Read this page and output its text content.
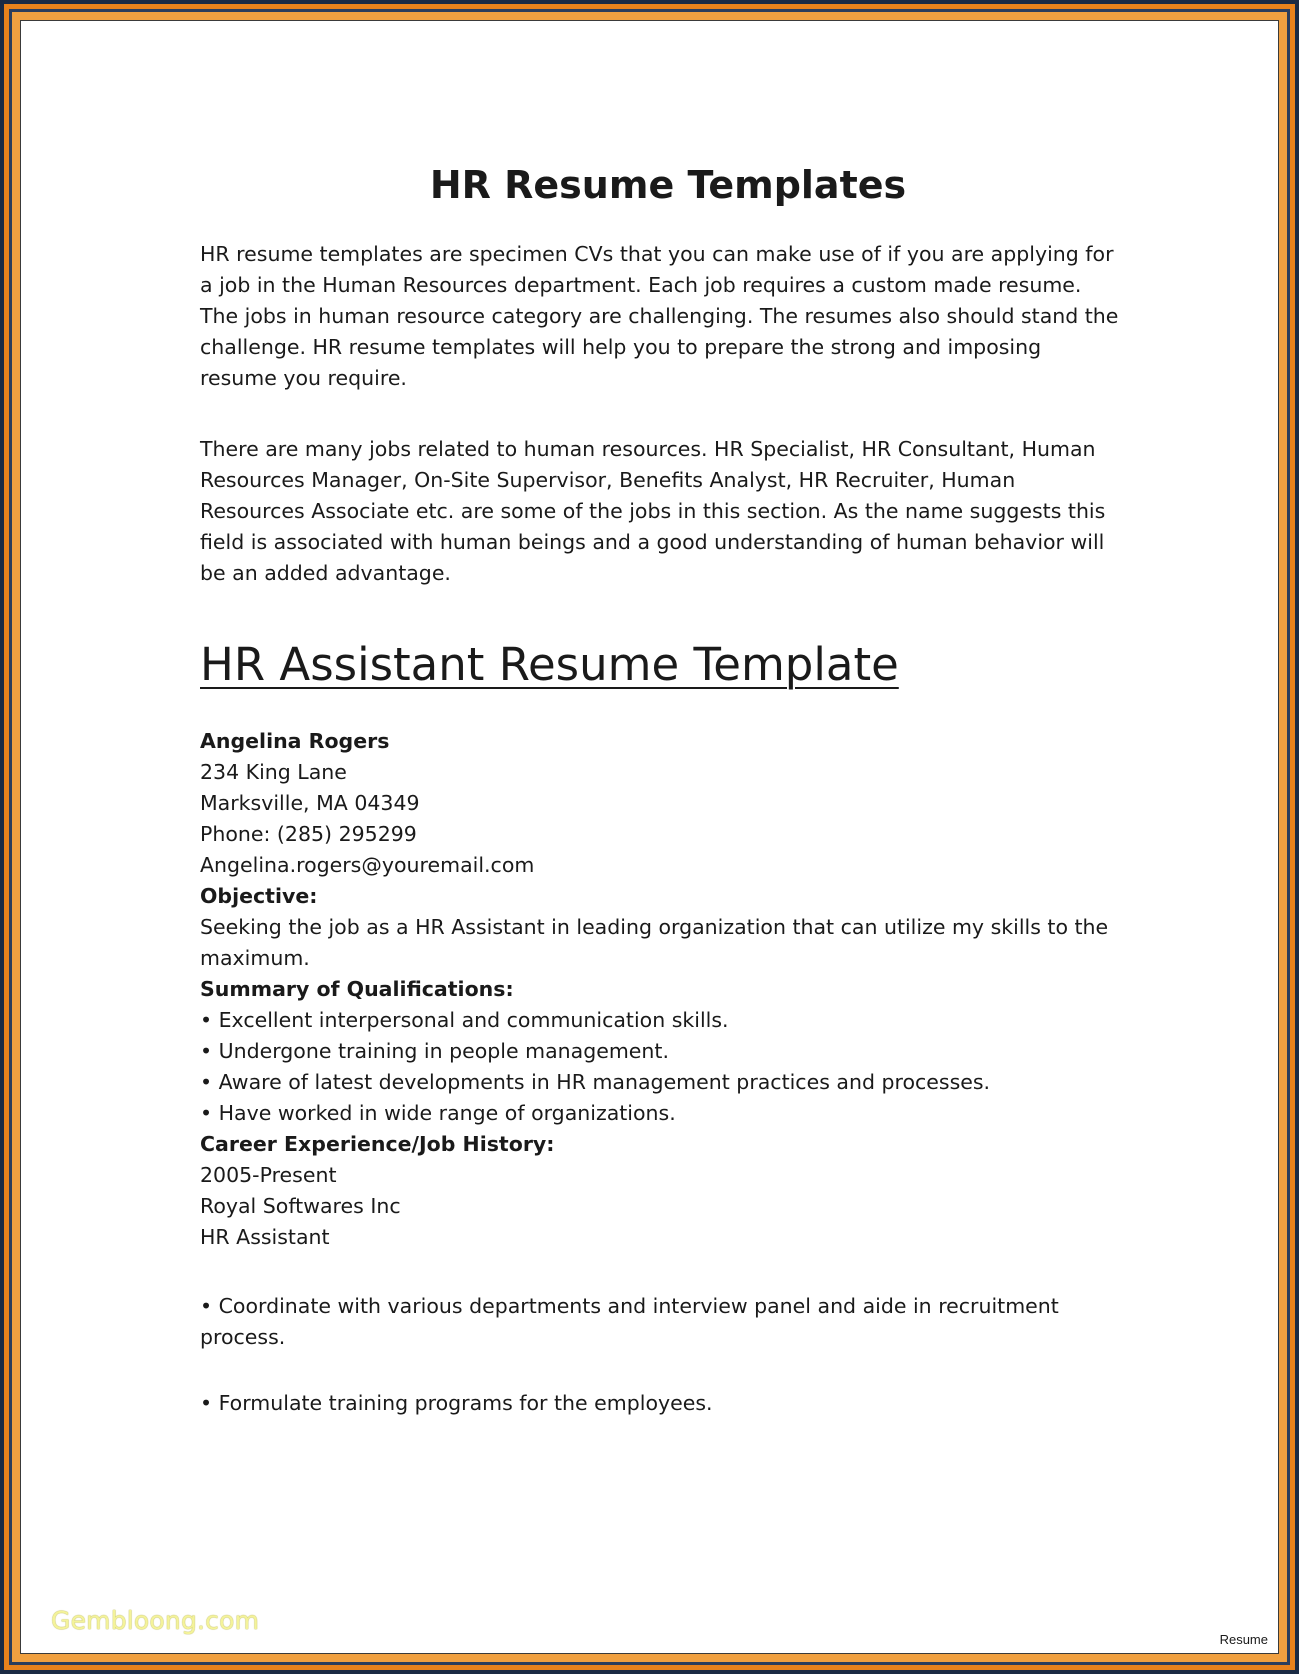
HR Resume Templates

HR resume templates are specimen CVs that you can make use of if you are applying for
a job in the Human Resources department. Each job requires a custom made resume.
The jobs in human resource category are challenging. The resumes also should stand the
challenge. HR resume templates will help you to prepare the strong and imposing
resume you require.

There are many jobs related to human resources. HR Specialist, HR Consultant, Human
Resources Manager, On-Site Supervisor, Benefits Analyst, HR Recruiter, Human
Resources Associate etc. are some of the jobs in this section. As the name suggests this
field is associated with human beings and a good understanding of human behavior will
be an added advantage.

HR Assistant Resume Template
Angelina Rogers
234 King Lane
Marksville, MA 04349
Phone: (285) 295299
Angelina.rogers@youremail.com
Objective:
Seeking the job as a HR Assistant in leading organization that can utilize my skills to the
maximum.
Summary of Qualifications:
• Excellent interpersonal and communication skills.
• Undergone training in people management.
• Aware of latest developments in HR management practices and processes.
• Have worked in wide range of organizations.
Career Experience/Job History:
2005-Present
Royal Softwares Inc
HR Assistant
• Coordinate with various departments and interview panel and aide in recruitment
process.
• Formulate training programs for the employees.
Gembloong.com
Resume
